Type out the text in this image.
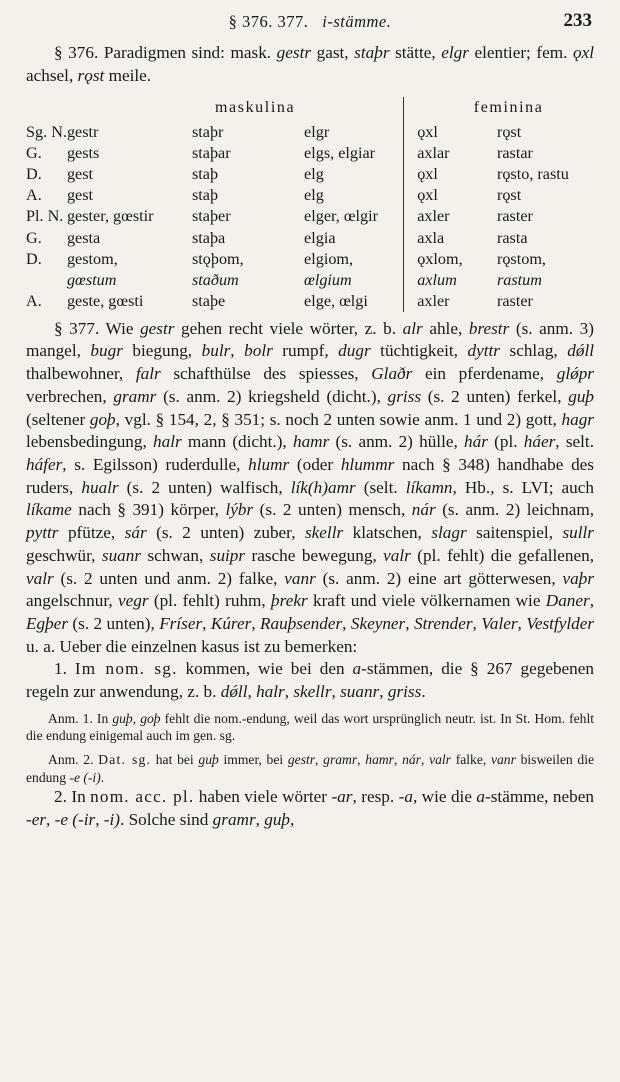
§ 376. 377. i-stämme.	233

§ 376. Paradigmen sind: mask. gestr gast, staþr stätte, elgr elentier; fem. ǫxl achsel, rǫst meile.

	maskulina				feminina	
Sg. N.	gestr	staþr	elgr		ǫxl	rǫst
G.	gests	staþar	elgs, elgiar		axlar	rastar
D.	gest	staþ	elg		ǫxl	rǫsto, rastu
A.	gest	staþ	elg		ǫxl	rǫst
Pl. N.	gester, gœstir	staþer	elger, œlgir		axler	raster
G.	gesta	staþa	elgia		axla	rasta
D.	gestom,	stǫþom,	elgiom,		ǫxlom,	rǫstom,
	gœstum	staðum	œlgium		axlum	rastum
A.	geste, gœsti	staþe	elge, œlgi		axler	raster

§ 377. Wie gestr gehen recht viele wörter, z. b. alr ahle, brestr (s. anm. 3) mangel, bugr biegung, bulr, bolr rumpf, dugr tüchtigkeit, dyttr schlag, dǿll thalbewohner, falr schafthülse des spiesses, Glaðr ein pferdename, glǿpr verbrechen, gramr (s. anm. 2) kriegsheld (dicht.), griss (s. 2 unten) ferkel, guþ (seltener goþ, vgl. § 154, 2, § 351; s. noch 2 unten sowie anm. 1 und 2) gott, hagr lebensbedingung, halr mann (dicht.), hamr (s. anm. 2) hülle, hár (pl. háer, selt. háfer, s. Egilsson) ruderdulle, hlumr (oder hlummr nach § 348) handhabe des ruders, hualr (s. 2 unten) walfisch, lík(h)amr (selt. líkamn, Hb., s. LVI; auch líkame nach § 391) körper, lýbr (s. 2 unten) mensch, nár (s. anm. 2) leichnam, pyttr pfütze, sár (s. 2 unten) zuber, skellr klatschen, slagr saitenspiel, sullr geschwür, suanr schwan, suipr rasche bewegung, valr (pl. fehlt) die gefallenen, valr (s. 2 unten und anm. 2) falke, vanr (s. anm. 2) eine art götterwesen, vaþr angelschnur, vegr (pl. fehlt) ruhm, þrekr kraft und viele völkernamen wie Daner, Egþer (s. 2 unten), Fríser, Kúrer, Rauþsender, Skeyner, Strender, Valer, Vestfylder u. a. Ueber die einzelnen kasus ist zu bemerken:

1. Im nom. sg. kommen, wie bei den a-stämmen, die § 267 gegebenen regeln zur anwendung, z. b. dǿll, halr, skellr, suanr, griss.

Anm. 1. In guþ, goþ fehlt die nom.-endung, weil das wort ursprünglich neutr. ist. In St. Hom. fehlt die endung einigemal auch im gen. sg.

Anm. 2. Dat. sg. hat bei guþ immer, bei gestr, gramr, hamr, nár, valr falke, vanr bisweilen die endung -e (-i).

2. In nom. acc. pl. haben viele wörter -ar, resp. -a, wie die a-stämme, neben -er, -e (-ir, -i). Solche sind gramr, guþ,
